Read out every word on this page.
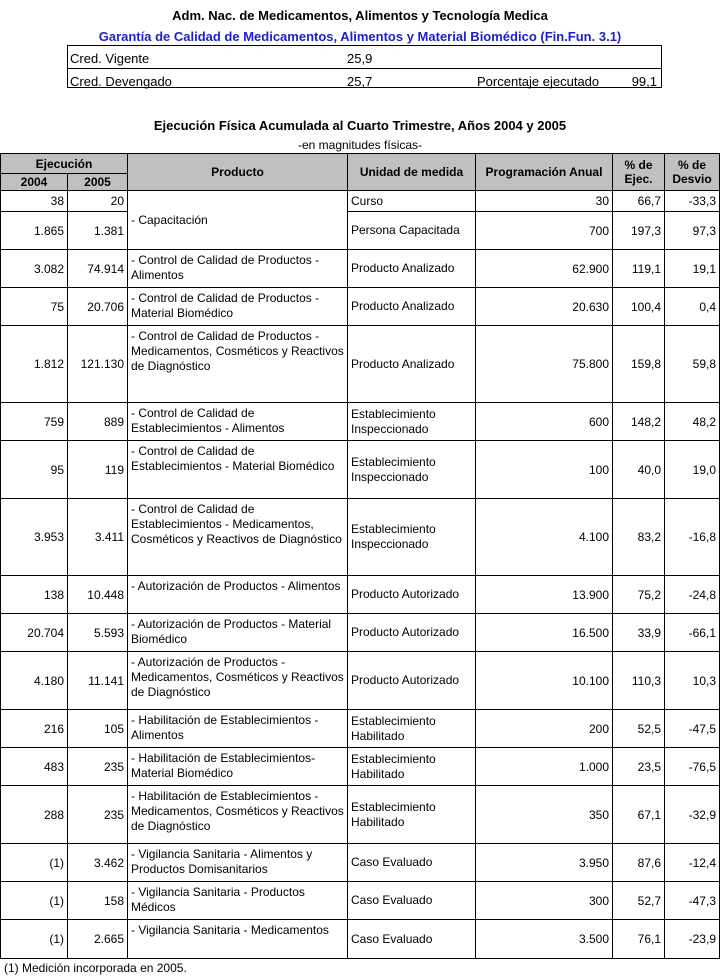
Adm. Nac. de Medicamentos, Alimentos y Tecnología Medica
Garantía de Calidad de Medicamentos, Alimentos y Material Biomédico (Fin.Fun. 3.1)
Cred. Vigente	25,9
Cred. Devengado	25,7	Porcentaje ejecutado	99,1
Ejecución Física Acumulada al Cuarto Trimestre, Años 2004 y 2005
-en magnitudes físicas-
Ejecución		Producto	Unidad de medida	Programación Anual	% de Ejec.	% de Desvio
2004	2005					
38	20	- Capacitación	Curso	30	66,7	-33,3
1.865	1.381		Persona Capacitada	700	197,3	97,3
3.082	74.914	- Control de Calidad de Productos - Alimentos	Producto Analizado	62.900	119,1	19,1
75	20.706	- Control de Calidad de Productos - Material Biomédico	Producto Analizado	20.630	100,4	0,4
1.812	121.130	- Control de Calidad de Productos - Medicamentos, Cosméticos y Reactivos de Diagnóstico	Producto Analizado	75.800	159,8	59,8
759	889	- Control de Calidad de Establecimientos - Alimentos	Establecimiento Inspeccionado	600	148,2	48,2
95	119	- Control de Calidad de Establecimientos - Material Biomédico	Establecimiento Inspeccionado	100	40,0	19,0
3.953	3.411	- Control de Calidad de Establecimientos - Medicamentos, Cosméticos y Reactivos de Diagnóstico	Establecimiento Inspeccionado	4.100	83,2	-16,8
138	10.448	- Autorización de Productos - Alimentos	Producto Autorizado	13.900	75,2	-24,8
20.704	5.593	- Autorización de Productos - Material Biomédico	Producto Autorizado	16.500	33,9	-66,1
4.180	11.141	- Autorización de Productos - Medicamentos, Cosméticos y Reactivos de Diagnóstico	Producto Autorizado	10.100	110,3	10,3
216	105	- Habilitación de Establecimientos - Alimentos	Establecimiento Habilitado	200	52,5	-47,5
483	235	- Habilitación de Establecimientos- Material Biomédico	Establecimiento Habilitado	1.000	23,5	-76,5
288	235	- Habilitación de Establecimientos - Medicamentos, Cosméticos y Reactivos de Diagnóstico	Establecimiento Habilitado	350	67,1	-32,9
(1)	3.462	- Vigilancia Sanitaria - Alimentos y Productos Domisanitarios	Caso Evaluado	3.950	87,6	-12,4
(1)	158	- Vigilancia Sanitaria - Productos Médicos	Caso Evaluado	300	52,7	-47,3
(1)	2.665	- Vigilancia Sanitaria - Medicamentos	Caso Evaluado	3.500	76,1	-23,9
(1) Medición incorporada en 2005.
